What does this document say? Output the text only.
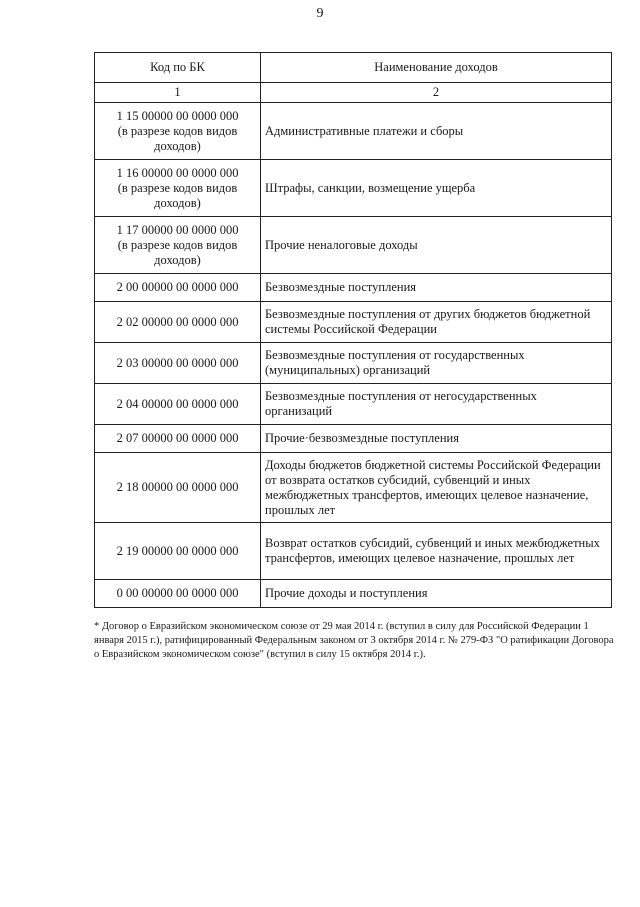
9
Код по БК	Наименование доходов
1	2

1 15 00000 00 0000 000
(в разрезе кодов видов доходов)	Административные платежи и сборы

1 16 00000 00 0000 000
(в разрезе кодов видов доходов)	Штрафы, санкции, возмещение ущерба

1 17 00000 00 0000 000
(в разрезе кодов видов доходов)	Прочие неналоговые доходы
2 00 00000 00 0000 000	Безвозмездные поступления
2 02 00000 00 0000 000	Безвозмездные поступления от других бюджетов бюджетной системы Российской Федерации
2 03 00000 00 0000 000	Безвозмездные поступления от государственных (муниципальных) организаций
2 04 00000 00 0000 000	Безвозмездные поступления от негосударственных организаций
2 07 00000 00 0000 000	Прочие·безвозмездные поступления
2 18 00000 00 0000 000	Доходы бюджетов бюджетной системы Российской Федерации от возврата остатков субсидий, субвенций и иных межбюджетных трансфертов, имеющих целевое назначение, прошлых лет
2 19 00000 00 0000 000	Возврат остатков субсидий, субвенций и иных межбюджетных трансфертов, имеющих целевое назначение, прошлых лет
0 00 00000 00 0000 000	Прочие доходы и поступления
* Договор о Евразийском экономическом союзе от 29 мая 2014 г. (вступил в силу для Российской Федерации 1 января 2015 г.), ратифицированный Федеральным законом от 3 октября 2014 г. № 279-ФЗ "О ратификации Договора о Евразийском экономическом союзе" (вступил в силу 15 октября 2014 г.).
